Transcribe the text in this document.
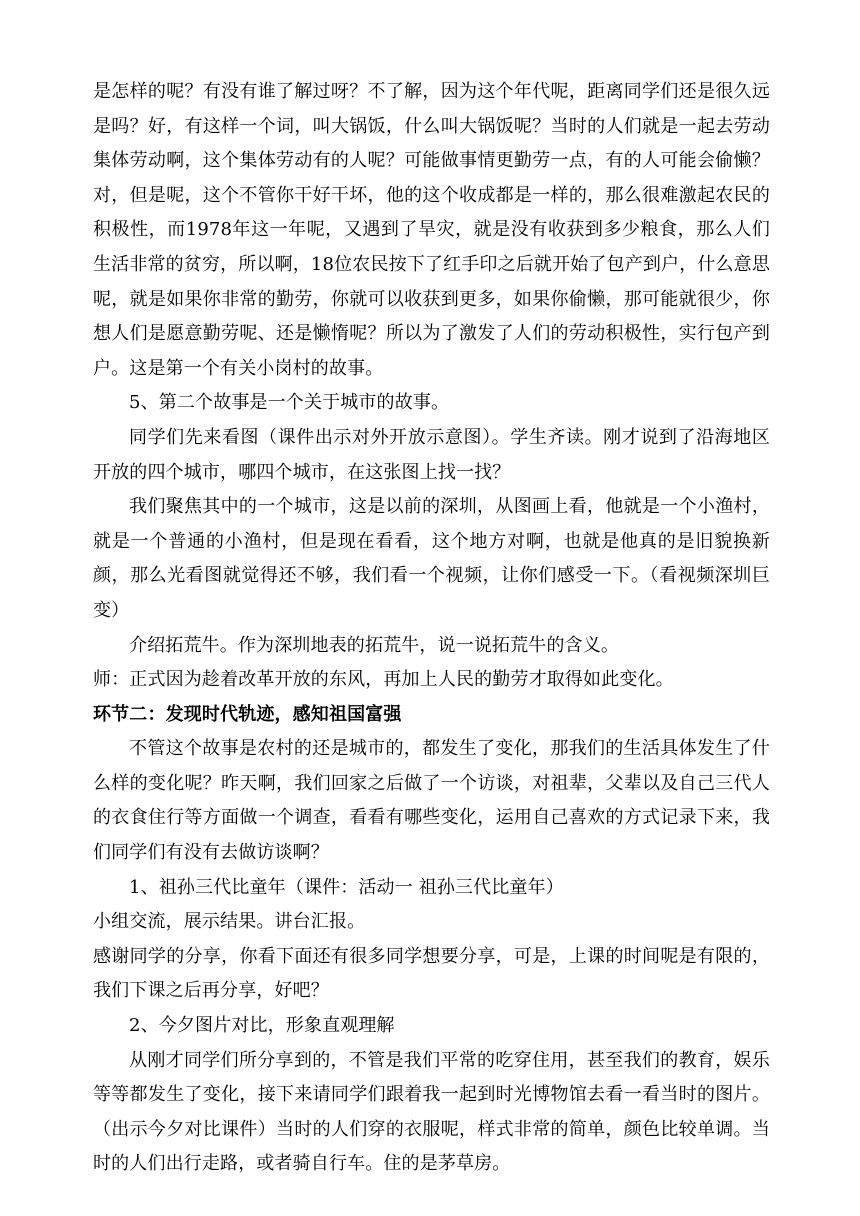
是怎样的呢？有没有谁了解过呀？不了解，因为这个年代呢，距离同学们还是很久远是吗？好，有这样一个词，叫大锅饭，什么叫大锅饭呢？当时的人们就是一起去劳动集体劳动啊，这个集体劳动有的人呢？可能做事情更勤劳一点，有的人可能会偷懒？对，但是呢，这个不管你干好干坏，他的这个收成都是一样的，那么很难激起农民的积极性，而1978年这一年呢，又遇到了旱灾，就是没有收获到多少粮食，那么人们生活非常的贫穷，所以啊，18位农民按下了红手印之后就开始了包产到户，什么意思呢，就是如果你非常的勤劳，你就可以收获到更多，如果你偷懒，那可能就很少，你想人们是愿意勤劳呢、还是懒惰呢？所以为了激发了人们的劳动积极性，实行包产到户。这是第一个有关小岗村的故事。

5、第二个故事是一个关于城市的故事。

同学们先来看图（课件出示对外开放示意图）。学生齐读。刚才说到了沿海地区开放的四个城市，哪四个城市，在这张图上找一找？

我们聚焦其中的一个城市，这是以前的深圳，从图画上看，他就是一个小渔村，就是一个普通的小渔村，但是现在看看，这个地方对啊，也就是他真的是旧貌换新颜，那么光看图就觉得还不够，我们看一个视频，让你们感受一下。（看视频深圳巨变）

介绍拓荒牛。作为深圳地表的拓荒牛，说一说拓荒牛的含义。

师：正式因为趁着改革开放的东风，再加上人民的勤劳才取得如此变化。

环节二：发现时代轨迹，感知祖国富强

不管这个故事是农村的还是城市的，都发生了变化，那我们的生活具体发生了什么样的变化呢？昨天啊，我们回家之后做了一个访谈，对祖辈，父辈以及自己三代人的衣食住行等方面做一个调查，看看有哪些变化，运用自己喜欢的方式记录下来，我们同学们有没有去做访谈啊？

1、祖孙三代比童年（课件：活动一 祖孙三代比童年）

小组交流，展示结果。讲台汇报。

感谢同学的分享，你看下面还有很多同学想要分享，可是，上课的时间呢是有限的，我们下课之后再分享，好吧？

2、今夕图片对比，形象直观理解

从刚才同学们所分享到的，不管是我们平常的吃穿住用，甚至我们的教育，娱乐等等都发生了变化，接下来请同学们跟着我一起到时光博物馆去看一看当时的图片。（出示今夕对比课件）当时的人们穿的衣服呢，样式非常的简单，颜色比较单调。当时的人们出行走路，或者骑自行车。住的是茅草房。
